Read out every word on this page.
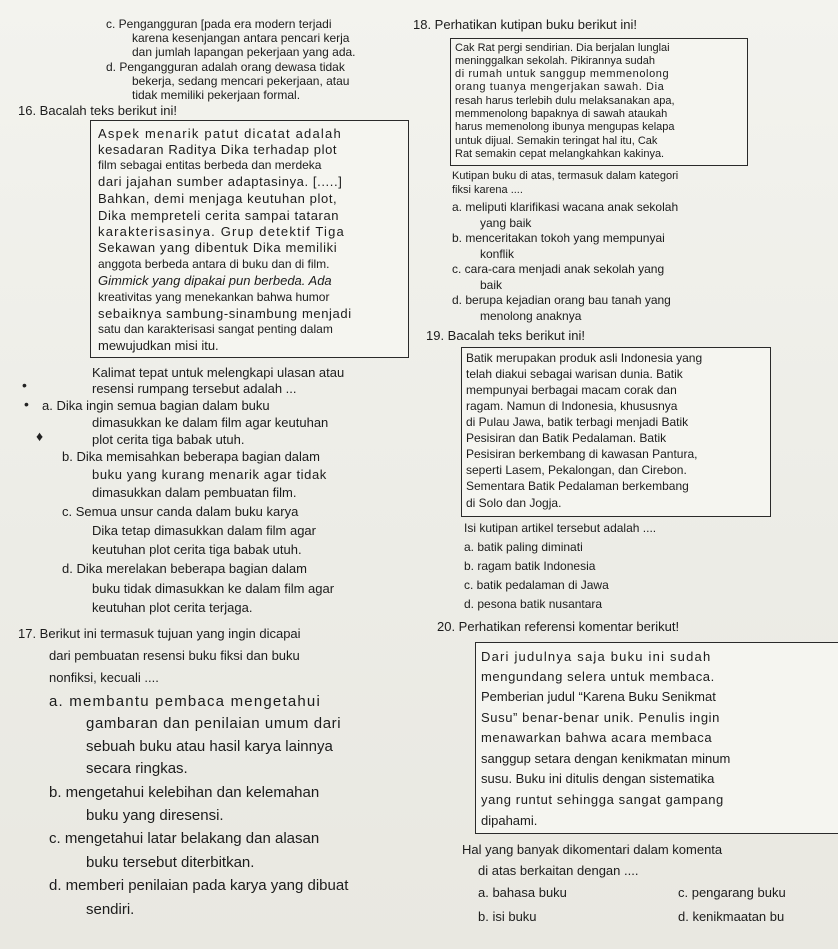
c. Pengangguran [pada era modern terjadi
karena kesenjangan antara pencari kerja
dan jumlah lapangan pekerjaan yang ada.
d. Pengangguran adalah orang dewasa tidak
bekerja, sedang mencari pekerjaan, atau
tidak memiliki pekerjaan formal.
16. Bacalah teks berikut ini!
Aspek menarik patut dicatat adalah
kesadaran Raditya Dika terhadap plot
film sebagai entitas berbeda dan merdeka
dari jajahan sumber adaptasinya. [.....]
Bahkan, demi menjaga keutuhan plot,
Dika mempreteli cerita sampai tataran
karakterisasinya. Grup detektif Tiga
Sekawan yang dibentuk Dika memiliki
anggota berbeda antara di buku dan di film.
Gimmick yang dipakai pun berbeda. Ada
kreativitas yang menekankan bahwa humor
sebaiknya sambung-sinambung menjadi
satu dan karakterisasi sangat penting dalam
mewujudkan misi itu.
Kalimat tepat untuk melengkapi ulasan atau
resensi rumpang tersebut adalah ...
•
a. Dika ingin semua bagian dalam buku
dimasukkan ke dalam film agar keutuhan
plot cerita tiga babak utuh.
•
♦
b. Dika memisahkan beberapa bagian dalam
buku yang kurang menarik agar tidak
dimasukkan dalam pembuatan film.
c. Semua unsur canda dalam buku karya
Dika tetap dimasukkan dalam film agar
keutuhan plot cerita tiga babak utuh.
d. Dika merelakan beberapa bagian dalam
buku tidak dimasukkan ke dalam film agar
keutuhan plot cerita terjaga.
17. Berikut ini termasuk tujuan yang ingin dicapai
dari pembuatan resensi buku fiksi dan buku
nonfiksi, kecuali ....
a. membantu pembaca mengetahui
gambaran dan penilaian umum dari
sebuah buku atau hasil karya lainnya
secara ringkas.
b. mengetahui kelebihan dan kelemahan
buku yang diresensi.
c. mengetahui latar belakang dan alasan
buku tersebut diterbitkan.
d. memberi penilaian pada karya yang dibuat
sendiri.
18. Perhatikan kutipan buku berikut ini!
Cak Rat pergi sendirian. Dia berjalan lunglai
meninggalkan sekolah. Pikirannya sudah
di rumah untuk sanggup memmenolong
orang tuanya mengerjakan sawah. Dia
resah harus terlebih dulu melaksanakan apa,
memmenolong bapaknya di sawah ataukah
harus memenolong ibunya mengupas kelapa
untuk dijual. Semakin teringat hal itu, Cak
Rat semakin cepat melangkahkan kakinya.
Kutipan buku di atas, termasuk dalam kategori
fiksi karena ....
a. meliputi klarifikasi wacana anak sekolah
yang baik
b. menceritakan tokoh yang mempunyai
konflik
c. cara-cara menjadi anak sekolah yang
baik
d. berupa kejadian orang bau tanah yang
menolong anaknya
19. Bacalah teks berikut ini!
Batik merupakan produk asli Indonesia yang
telah diakui sebagai warisan dunia. Batik
mempunyai berbagai macam corak dan
ragam. Namun di Indonesia, khususnya
di Pulau Jawa, batik terbagi menjadi Batik
Pesisiran dan Batik Pedalaman. Batik
Pesisiran berkembang di kawasan Pantura,
seperti Lasem, Pekalongan, dan Cirebon.
Sementara Batik Pedalaman berkembang
di Solo dan Jogja.
Isi kutipan artikel tersebut adalah ....
a. batik paling diminati
b. ragam batik Indonesia
c. batik pedalaman di Jawa
d. pesona batik nusantara
20. Perhatikan referensi komentar berikut!
Dari judulnya saja buku ini sudah
mengundang selera untuk membaca.
Pemberian judul “Karena Buku Senikmat
Susu” benar-benar unik. Penulis ingin
menawarkan bahwa acara membaca
sanggup setara dengan kenikmatan minum
susu. Buku ini ditulis dengan sistematika
yang runtut sehingga sangat gampang
dipahami.
Hal yang banyak dikomentari dalam komenta
di atas berkaitan dengan ....
a. bahasa buku	c. pengarang buku
b. isi buku	d. kenikmaatan bu
